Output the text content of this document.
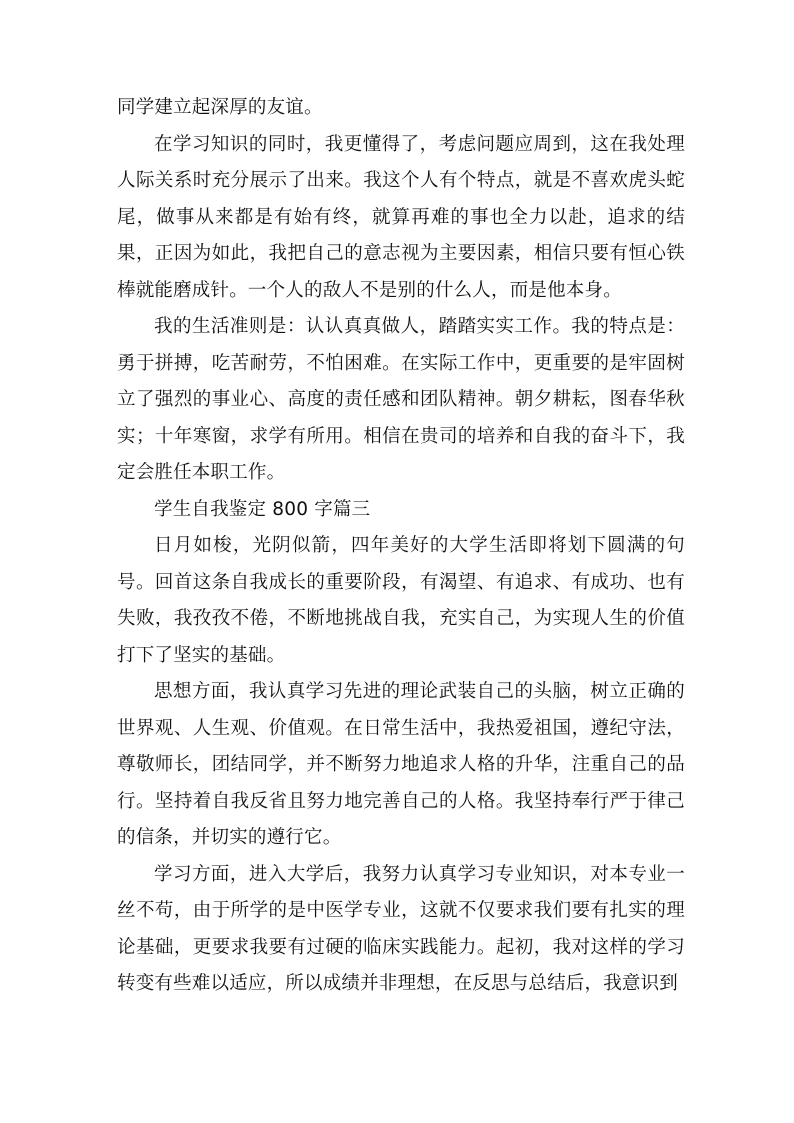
同学建立起深厚的友谊。

在学习知识的同时，我更懂得了，考虑问题应周到，这在我处理人际关系时充分展示了出来。我这个人有个特点，就是不喜欢虎头蛇尾，做事从来都是有始有终，就算再难的事也全力以赴，追求的结果，正因为如此，我把自己的意志视为主要因素，相信只要有恒心铁棒就能磨成针。一个人的敌人不是别的什么人，而是他本身。

我的生活准则是：认认真真做人，踏踏实实工作。我的特点是：勇于拼搏，吃苦耐劳，不怕困难。在实际工作中，更重要的是牢固树立了强烈的事业心、高度的责任感和团队精神。朝夕耕耘，图春华秋实；十年寒窗，求学有所用。相信在贵司的培养和自我的奋斗下，我定会胜任本职工作。

学生自我鉴定 800 字篇三

日月如梭，光阴似箭，四年美好的大学生活即将划下圆满的句号。回首这条自我成长的重要阶段，有渴望、有追求、有成功、也有失败，我孜孜不倦，不断地挑战自我，充实自己，为实现人生的价值打下了坚实的基础。

思想方面，我认真学习先进的理论武装自己的头脑，树立正确的世界观、人生观、价值观。在日常生活中，我热爱祖国，遵纪守法，尊敬师长，团结同学，并不断努力地追求人格的升华，注重自己的品行。坚持着自我反省且努力地完善自己的人格。我坚持奉行严于律己的信条，并切实的遵行它。

学习方面，进入大学后，我努力认真学习专业知识，对本专业一丝不苟，由于所学的是中医学专业，这就不仅要求我们要有扎实的理论基础，更要求我要有过硬的临床实践能力。起初，我对这样的学习转变有些难以适应，所以成绩并非理想，在反思与总结后，我意识到
